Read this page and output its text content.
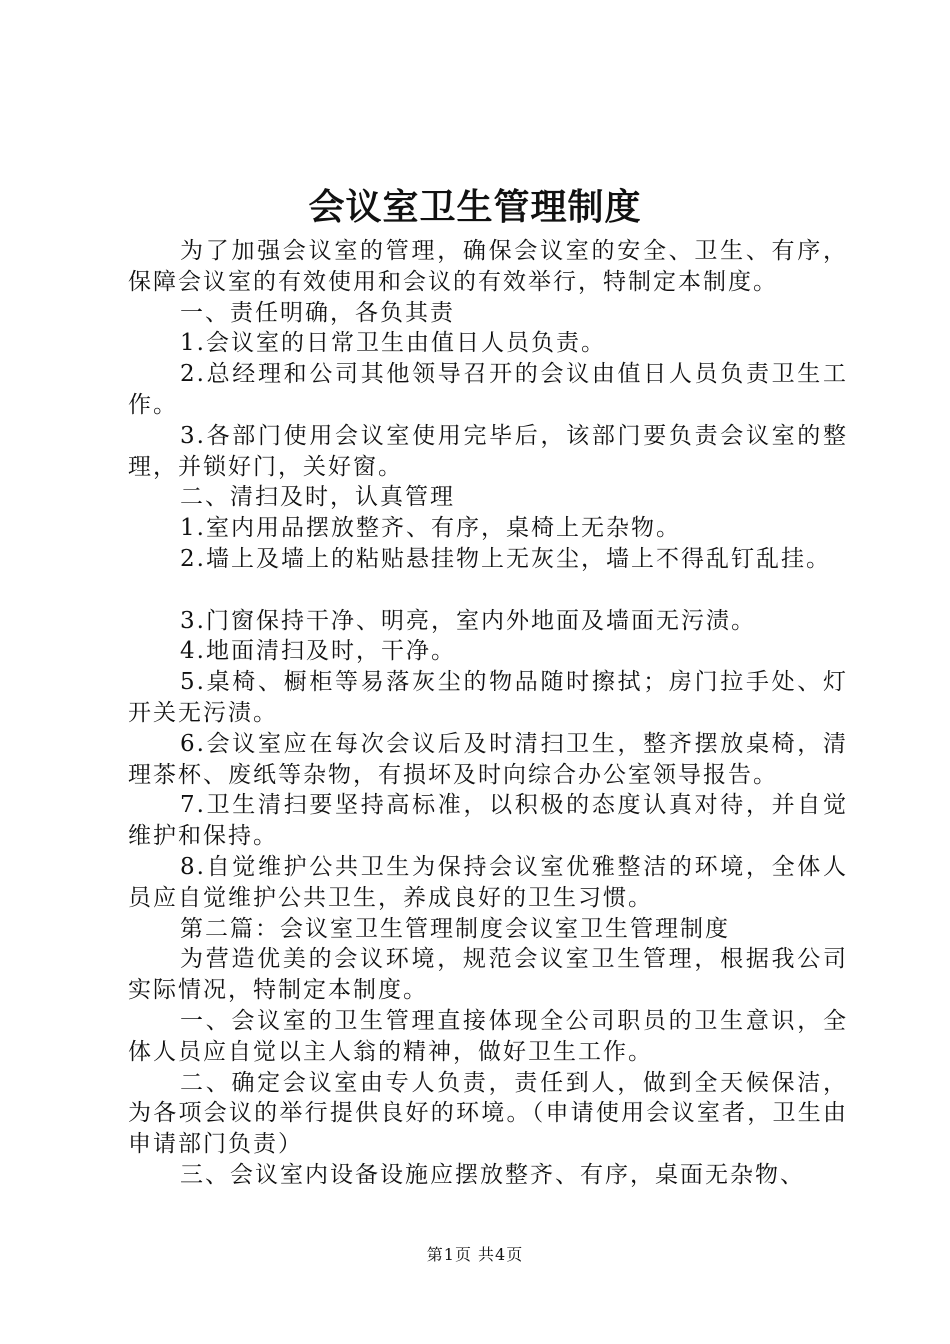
会议室卫生管理制度

为了加强会议室的管理，确保会议室的安全、卫生、有序，保障会议室的有效使用和会议的有效举行，特制定本制度。

一、责任明确，各负其责

1.会议室的日常卫生由值日人员负责。

2.总经理和公司其他领导召开的会议由值日人员负责卫生工作。

3.各部门使用会议室使用完毕后，该部门要负责会议室的整理，并锁好门，关好窗。

二、清扫及时，认真管理

1.室内用品摆放整齐、有序，桌椅上无杂物。

2.墙上及墙上的粘贴悬挂物上无灰尘，墙上不得乱钉乱挂。

3.门窗保持干净、明亮，室内外地面及墙面无污渍。

4.地面清扫及时，干净。

5.桌椅、橱柜等易落灰尘的物品随时擦拭；房门拉手处、灯开关无污渍。

6.会议室应在每次会议后及时清扫卫生，整齐摆放桌椅，清理茶杯、废纸等杂物，有损坏及时向综合办公室领导报告。

7.卫生清扫要坚持高标准，以积极的态度认真对待，并自觉维护和保持。

8.自觉维护公共卫生为保持会议室优雅整洁的环境，全体人员应自觉维护公共卫生，养成良好的卫生习惯。

第二篇：会议室卫生管理制度会议室卫生管理制度

为营造优美的会议环境，规范会议室卫生管理，根据我公司实际情况，特制定本制度。

一、会议室的卫生管理直接体现全公司职员的卫生意识，全体人员应自觉以主人翁的精神，做好卫生工作。

二、确定会议室由专人负责，责任到人，做到全天候保洁，为各项会议的举行提供良好的环境。（申请使用会议室者，卫生由申请部门负责）

三、会议室内设备设施应摆放整齐、有序，桌面无杂物、

第1页 共4页
